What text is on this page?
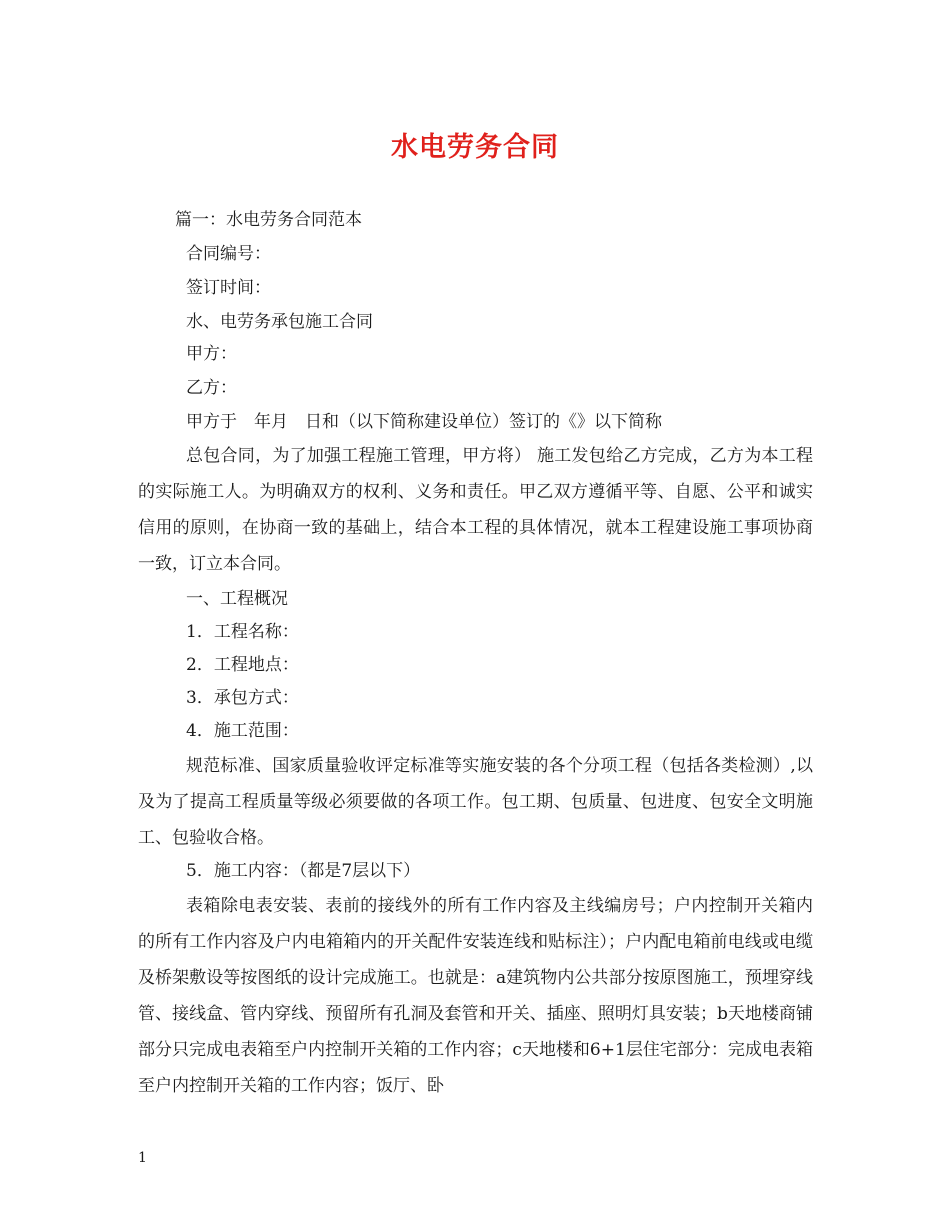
水电劳务合同

篇一：水电劳务合同范本

合同编号：

签订时间：

水、电劳务承包施工合同

甲方：

乙方：

甲方于　年月　日和（以下简称建设单位）签订的《》以下简称

总包合同，为了加强工程施工管理，甲方将） 施工发包给乙方完成，乙方为本工程的实际施工人。为明确双方的权利、义务和责任。甲乙双方遵循平等、自愿、公平和诚实信用的原则，在协商一致的基础上，结合本工程的具体情况，就本工程建设施工事项协商一致，订立本合同。

一、工程概况

1．工程名称：

2．工程地点：

3．承包方式：

4．施工范围：

规范标准、国家质量验收评定标准等实施安装的各个分项工程（包括各类检测）,以及为了提高工程质量等级必须要做的各项工作。包工期、包质量、包进度、包安全文明施工、包验收合格。

5．施工内容：（都是7层以下）

表箱除电表安装、表前的接线外的所有工作内容及主线编房号；户内控制开关箱内的所有工作内容及户内电箱箱内的开关配件安装连线和贴标注）；户内配电箱前电线或电缆及桥架敷设等按图纸的设计完成施工。也就是：a建筑物内公共部分按原图施工，预埋穿线管、接线盒、管内穿线、预留所有孔洞及套管和开关、插座、照明灯具安装；b天地楼商铺部分只完成电表箱至户内控制开关箱的工作内容；c天地楼和6+1层住宅部分：完成电表箱至户内控制开关箱的工作内容；饭厅、卧

1
